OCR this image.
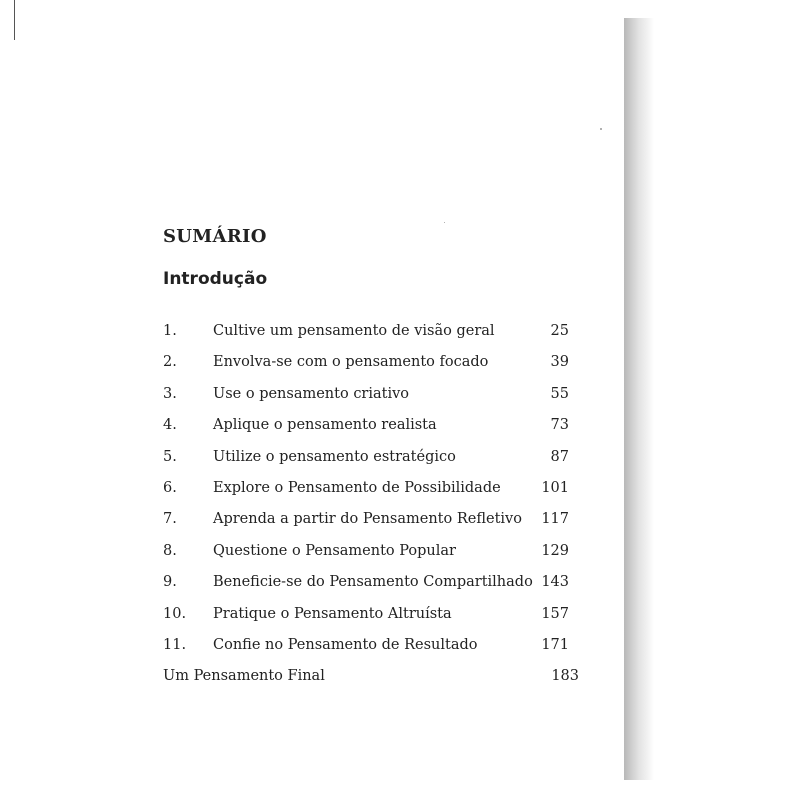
SUMÁRIO
Introdução
1. Cultive um pensamento de visão geral	25
2. Envolva-se com o pensamento focado	39
3. Use o pensamento criativo	55
4. Aplique o pensamento realista	73
5. Utilize o pensamento estratégico	87
6. Explore o Pensamento de Possibilidade	101
7. Aprenda a partir do Pensamento Refletivo 117
8. Questione o Pensamento Popular	129
9. Beneficie-se do Pensamento Compartilhado 143
10. Pratique o Pensamento Altruísta	157
11. Confie no Pensamento de Resultado	171
Um Pensamento Final	183
